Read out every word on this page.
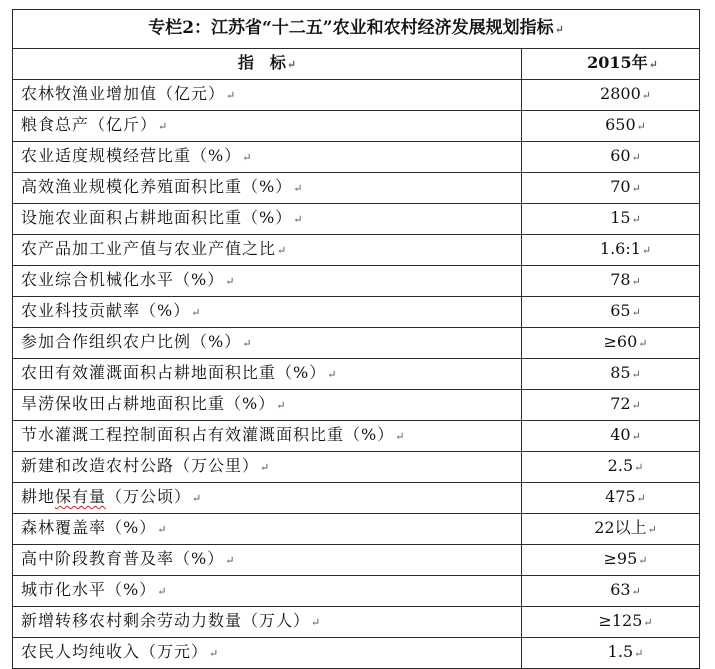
专栏2：江苏省“十二五”农业和农村经济发展规划指标↵	
指　标↵	2015年↵
农林牧渔业增加值（亿元）↵	2800↵
粮食总产（亿斤）↵	650↵
农业适度规模经营比重（%）↵	60↵
高效渔业规模化养殖面积比重（%）↵	70↵
设施农业面积占耕地面积比重（%）↵	15↵
农产品加工业产值与农业产值之比↵	1.6:1↵
农业综合机械化水平（%）↵	78↵
农业科技贡献率（%）↵	65↵
参加合作组织农户比例（%）↵	≥60↵
农田有效灌溉面积占耕地面积比重（%）↵	85↵
旱涝保收田占耕地面积比重（%）↵	72↵
节水灌溉工程控制面积占有效灌溉面积比重（%）↵	40↵
新建和改造农村公路（万公里）↵	2.5↵
耕地保有量（万公顷）↵	475↵
森林覆盖率（%）↵	22以上↵
高中阶段教育普及率（%）↵	≥95↵
城市化水平（%）↵	63↵
新增转移农村剩余劳动力数量（万人）↵	≥125↵
农民人均纯收入（万元）↵	1.5↵
